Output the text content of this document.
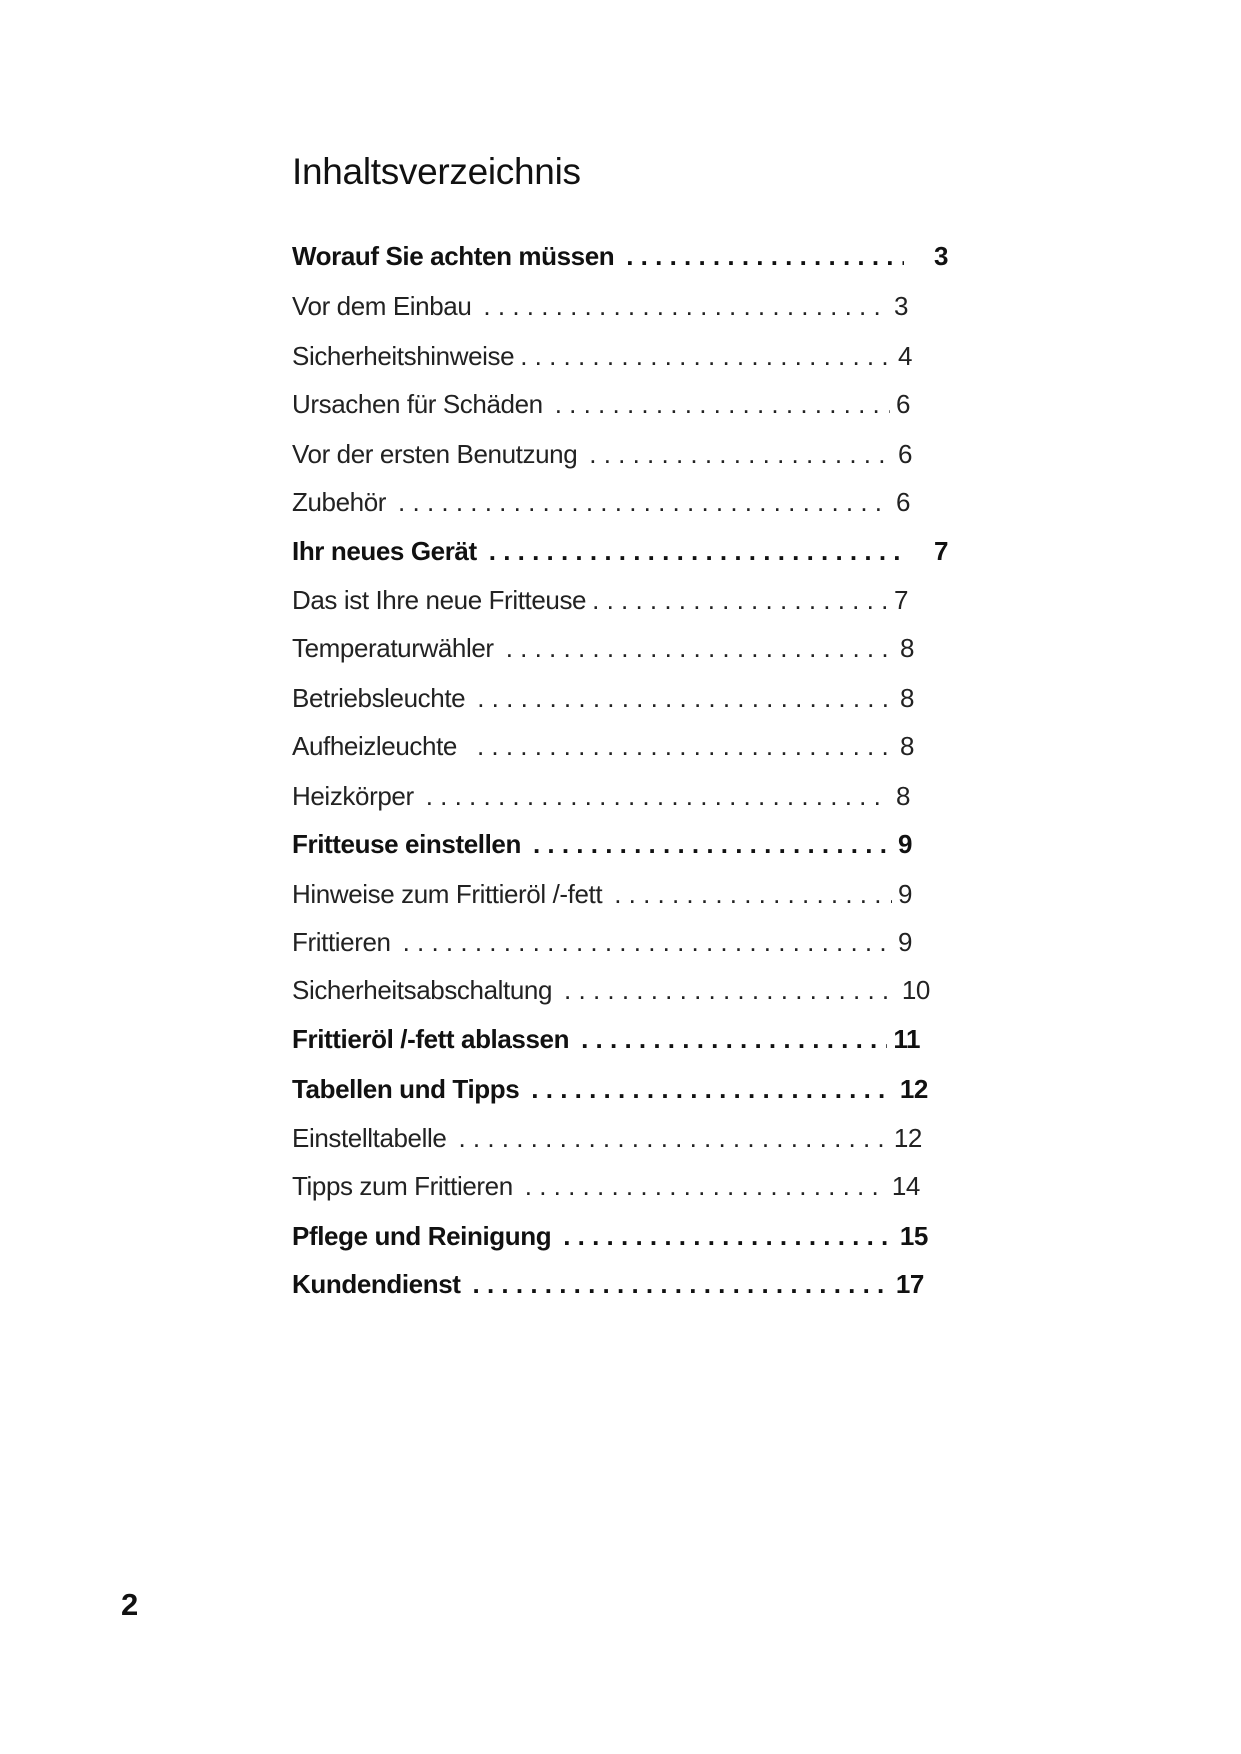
Inhaltsverzeichnis
Worauf Sie achten müssen . . .	3
Vor dem Einbau . . .	3
Sicherheitshinweise . . .	4
Ursachen für Schäden . . .	6
Vor der ersten Benutzung . . .	6
Zubehör . . .	6
Ihr neues Gerät . . .	7
Das ist Ihre neue Fritteuse . . .	7
Temperaturwähler . . .	8
Betriebsleuchte . . .	8
Aufheizleuchte . . .	8
Heizkörper . . .	8
Fritteuse einstellen . . .	9
Hinweise zum Frittieröl /-fett . . .	9
Frittieren . . .	9
Sicherheitsabschaltung . . .	10
Frittieröl /-fett ablassen . . .	11
Tabellen und Tipps . . .	12
Einstelltabelle . . .	12
Tipps zum Frittieren . . .	14
Pflege und Reinigung . . .	15
Kundendienst . . .	17
2
